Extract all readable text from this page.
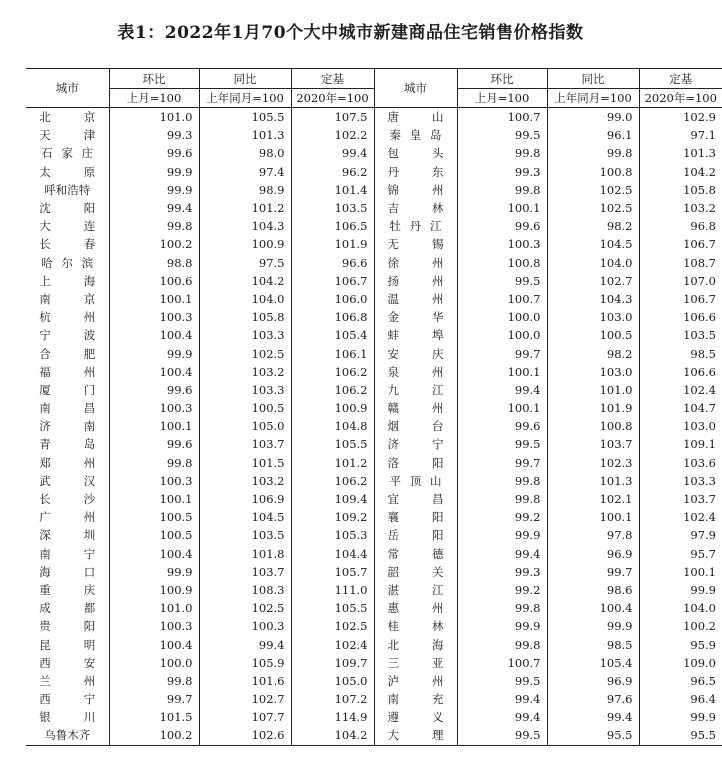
表1：2022年1月70个大中城市新建商品住宅销售价格指数
城市	环比	同比	定基	城市	环比	同比	定基
	上月=100	上年同月=100	2020年=100		上月=100	上年同月=100	2020年=100
北京	101.0	105.5	107.5	唐山	100.7	99.0	102.9
天津	99.3	101.3	102.2	秦皇岛	99.5	96.1	97.1
石家庄	99.6	98.0	99.4	包头	99.8	99.8	101.3
太原	99.9	97.4	96.2	丹东	99.3	100.8	104.2
呼和浩特	99.9	98.9	101.4	锦州	99.8	102.5	105.8
沈阳	99.4	101.2	103.5	吉林	100.1	102.5	103.2
大连	99.8	104.3	106.5	牡丹江	99.6	98.2	96.8
长春	100.2	100.9	101.9	无锡	100.3	104.5	106.7
哈尔滨	98.8	97.5	96.6	徐州	100.8	104.0	108.7
上海	100.6	104.2	106.7	扬州	99.5	102.7	107.0
南京	100.1	104.0	106.0	温州	100.7	104.3	106.7
杭州	100.3	105.8	106.8	金华	100.0	103.0	106.6
宁波	100.4	103.3	105.4	蚌埠	100.0	100.5	103.5
合肥	99.9	102.5	106.1	安庆	99.7	98.2	98.5
福州	100.4	103.2	106.2	泉州	100.1	103.0	106.6
厦门	99.6	103.3	106.2	九江	99.4	101.0	102.4
南昌	100.3	100.5	100.9	赣州	100.1	101.9	104.7
济南	100.1	105.0	104.8	烟台	99.6	100.8	103.0
青岛	99.6	103.7	105.5	济宁	99.5	103.7	109.1
郑州	99.8	101.5	101.2	洛阳	99.7	102.3	103.6
武汉	100.3	103.2	106.2	平顶山	99.8	101.3	103.3
长沙	100.1	106.9	109.4	宜昌	99.8	102.1	103.7
广州	100.5	104.5	109.2	襄阳	99.2	100.1	102.4
深圳	100.5	103.5	105.3	岳阳	99.9	97.8	97.9
南宁	100.4	101.8	104.4	常德	99.4	96.9	95.7
海口	99.9	103.7	105.7	韶关	99.3	99.7	100.1
重庆	100.9	108.3	111.0	湛江	99.2	98.6	99.9
成都	101.0	102.5	105.5	惠州	99.8	100.4	104.0
贵阳	100.3	100.3	102.5	桂林	99.9	99.9	100.2
昆明	100.4	99.4	102.4	北海	99.8	98.5	95.9
西安	100.0	105.9	109.7	三亚	100.7	105.4	109.0
兰州	99.8	101.6	105.0	泸州	99.5	96.9	96.5
西宁	99.7	102.7	107.2	南充	99.4	97.6	96.4
银川	101.5	107.7	114.9	遵义	99.4	99.4	99.9
乌鲁木齐	100.2	102.6	104.2	大理	99.5	95.5	95.5
